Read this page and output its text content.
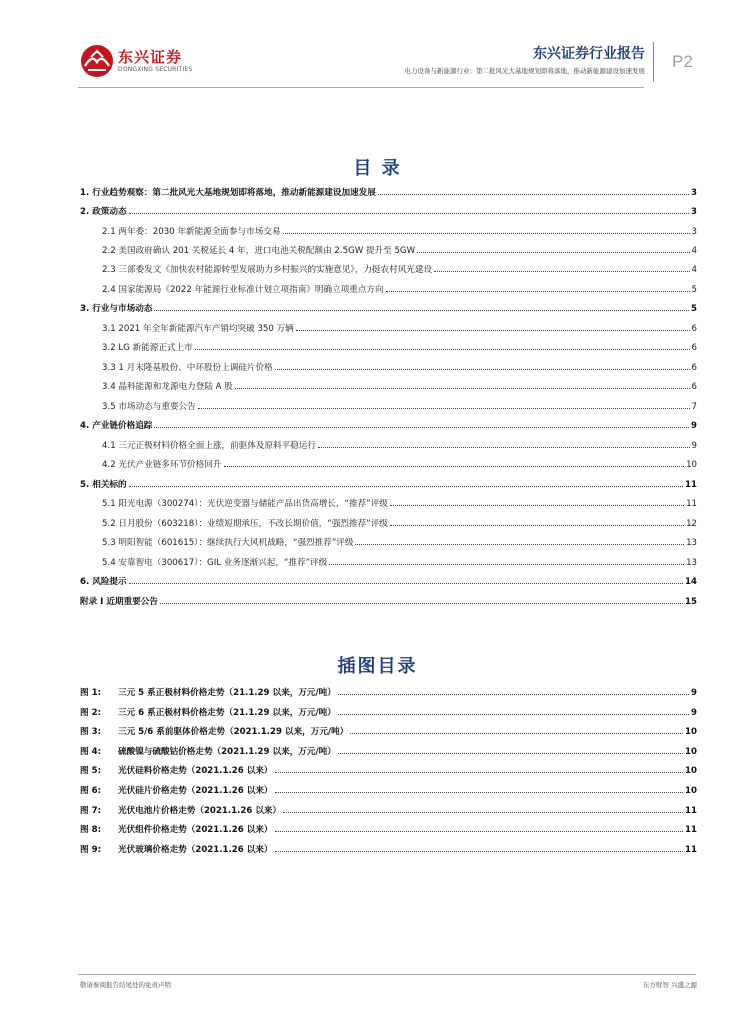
东兴证券
DONGXING SECURITIES
东兴证券行业报告
电力设备与新能源行业：第二批风光大基地规划即将落地，推动新能源建设加速发展 P2
目 录
1. 行业趋势观察：第二批风光大基地规划即将落地，推动新能源建设加速发展	3
2. 政策动态	3
2.1 两年委：2030 年新能源全面参与市场交易	3
2.2 美国政府确认 201 关税延长 4 年，进口电池关税配额由 2.5GW 提升至 5GW	4
2.3 三部委发文《加快农村能源转型发展助力乡村振兴的实施意见》，力挺农村风光建设	4
2.4 国家能源局《2022 年能源行业标准计划立项指南》明确立项重点方向	5
3. 行业与市场动态	5
3.1 2021 年全年新能源汽车产销均突破 350 万辆	6
3.2 LG 新能源正式上市	6
3.3 1 月末隆基股份、中环股份上调硅片价格	6
3.4 晶科能源和龙源电力登陆 A 股	6
3.5 市场动态与重要公告	7
4. 产业链价格追踪	9
4.1 三元正极材料价格全面上涨，前驱体及原料平稳运行	9
4.2 光伏产业链多环节价格回升	10
5. 相关标的	11
5.1 阳光电源（300274）：光伏逆变器与储能产品出货高增长，“推荐”评级	11
5.2 日月股份（603218）：业绩短期承压，不改长期价值，“强烈推荐”评级	12
5.3 明阳智能（601615）：继续执行大风机战略，“强烈推荐”评级	13
5.4 安靠智电（300617）：GIL 业务逐渐兴起，“推荐”评级	13
6. 风险提示	14
附录 I 近期重要公告	15
插图目录
图 1:	三元 5 系正极材料价格走势（21.1.29 以来，万元/吨）	9
图 2:	三元 6 系正极材料价格走势（21.1.29 以来，万元/吨）	9
图 3:	三元 5/6 系前驱体价格走势（2021.1.29 以来，万元/吨）	10
图 4:	硫酸镍与硫酸钴价格走势（2021.1.29 以来，万元/吨）	10
图 5:	光伏硅料价格走势（2021.1.26 以来）	10
图 6:	光伏硅片价格走势（2021.1.26 以来）	10
图 7:	光伏电池片价格走势（2021.1.26 以来）	11
图 8:	光伏组件价格走势（2021.1.26 以来）	11
图 9:	光伏玻璃价格走势（2021.1.26 以来）	11
敬请参阅报告结尾处的免责声明	东方财智 兴盛之源
